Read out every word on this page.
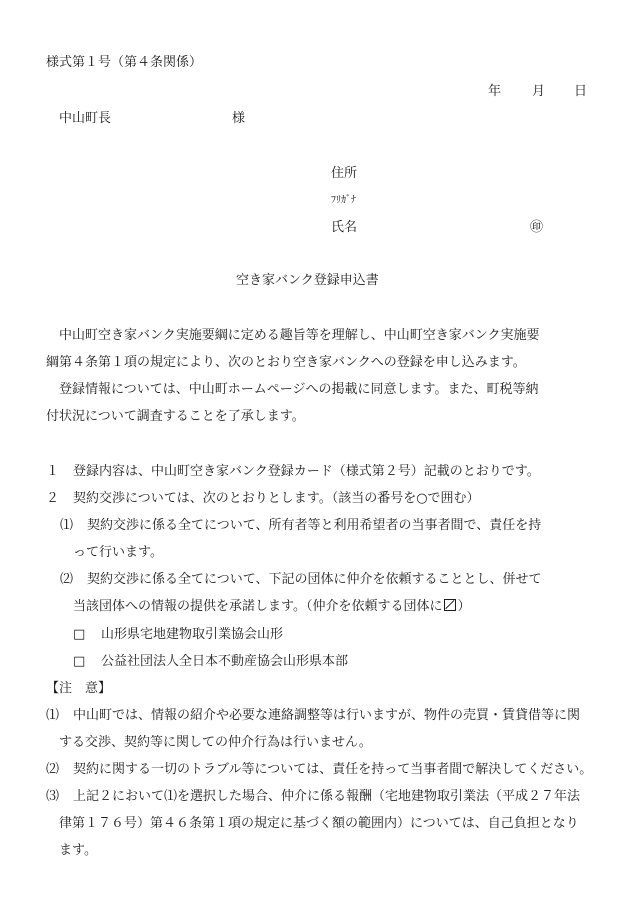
様式第１号（第４条関係）
年 月 日
中山町長	様
住所
ﾌﾘｶﾞﾅ
氏名	㊞
空き家バンク登録申込書
中山町空き家バンク実施要綱に定める趣旨等を理解し、中山町空き家バンク実施要
綱第４条第１項の規定により、次のとおり空き家バンクへの登録を申し込みます。
登録情報については、中山町ホームページへの掲載に同意します。また、町税等納
付状況について調査することを了承します。
１ 登録内容は、中山町空き家バンク登録カード（様式第２号）記載のとおりです。
２ 契約交渉については、次のとおりとします。（該当の番号を○で囲む）
⑴ 契約交渉に係る全てについて、所有者等と利用希望者の当事者間で、責任を持
って行います。
⑵ 契約交渉に係る全てについて、下記の団体に仲介を依頼することとし、併せて
当該団体への情報の提供を承諾します。（仲介を依頼する団体に ）
□ 山形県宅地建物取引業協会山形
□ 公益社団法人全日本不動産協会山形県本部
【注　意】
⑴ 中山町では、情報の紹介や必要な連絡調整等は行いますが、物件の売買・賃貸借等に関
する交渉、契約等に関しての仲介行為は行いません。
⑵ 契約に関する一切のトラブル等については、責任を持って当事者間で解決してください。
⑶ 上記２において⑴を選択した場合、仲介に係る報酬（宅地建物取引業法（平成２７年法
律第１７６号）第４６条第１項の規定に基づく額の範囲内）については、自己負担となり
ます。
